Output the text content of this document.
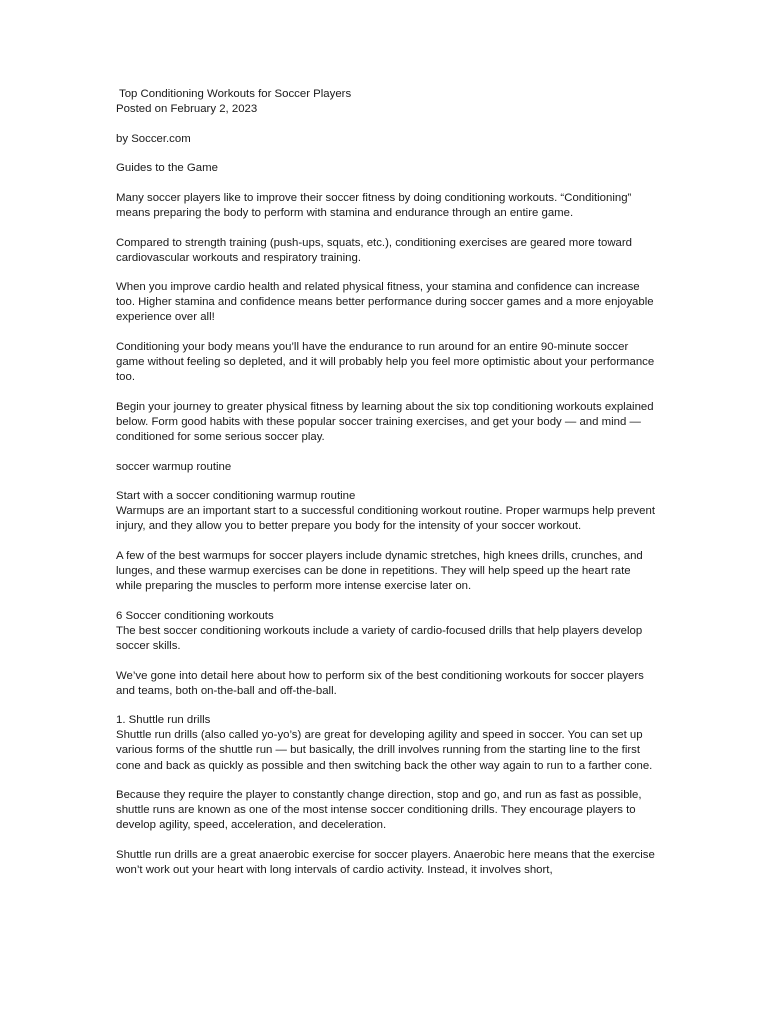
Top Conditioning Workouts for Soccer Players
Posted on February 2, 2023

by Soccer.com

Guides to the Game

Many soccer players like to improve their soccer fitness by doing conditioning workouts. “Conditioning” means preparing the body to perform with stamina and endurance through an entire game.

Compared to strength training (push-ups, squats, etc.), conditioning exercises are geared more toward cardiovascular workouts and respiratory training.

When you improve cardio health and related physical fitness, your stamina and confidence can increase too. Higher stamina and confidence means better performance during soccer games and a more enjoyable experience over all!

Conditioning your body means you’ll have the endurance to run around for an entire 90-minute soccer game without feeling so depleted, and it will probably help you feel more optimistic about your performance too.

Begin your journey to greater physical fitness by learning about the six top conditioning workouts explained below. Form good habits with these popular soccer training exercises, and get your body — and mind — conditioned for some serious soccer play.

soccer warmup routine

Start with a soccer conditioning warmup routine
Warmups are an important start to a successful conditioning workout routine. Proper warmups help prevent injury, and they allow you to better prepare you body for the intensity of your soccer workout.

A few of the best warmups for soccer players include dynamic stretches, high knees drills, crunches, and lunges, and these warmup exercises can be done in repetitions. They will help speed up the heart rate while preparing the muscles to perform more intense exercise later on.

6 Soccer conditioning workouts
The best soccer conditioning workouts include a variety of cardio-focused drills that help players develop soccer skills.

We’ve gone into detail here about how to perform six of the best conditioning workouts for soccer players and teams, both on-the-ball and off-the-ball.

1. Shuttle run drills
Shuttle run drills (also called yo-yo’s) are great for developing agility and speed in soccer. You can set up various forms of the shuttle run — but basically, the drill involves running from the starting line to the first cone and back as quickly as possible and then switching back the other way again to run to a farther cone.

Because they require the player to constantly change direction, stop and go, and run as fast as possible, shuttle runs are known as one of the most intense soccer conditioning drills. They encourage players to develop agility, speed, acceleration, and deceleration.

Shuttle run drills are a great anaerobic exercise for soccer players. Anaerobic here means that the exercise won’t work out your heart with long intervals of cardio activity. Instead, it involves short,
